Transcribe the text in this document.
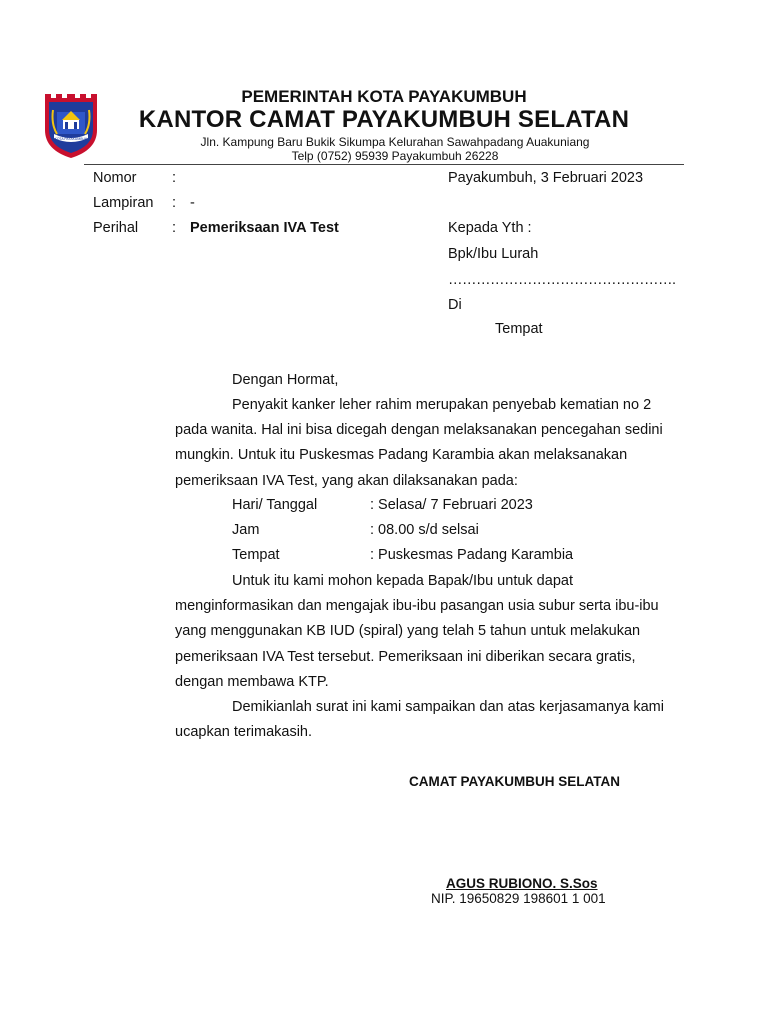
KOTA PAYAKUMBUH
PEMERINTAH KOTA PAYAKUMBUH
KANTOR CAMAT PAYAKUMBUH SELATAN
Jln. Kampung Baru Bukik Sikumpa Kelurahan Sawahpadang Auakuniang
Telp (0752) 95939 Payakumbuh 26228
Nomor :
Lampiran : -
Perihal : Pemeriksaan IVA Test
Payakumbuh, 3 Februari 2023
Kepada Yth :
Bpk/Ibu Lurah
………………………………………….
Di
Tempat
Dengan Hormat,

Penyakit kanker leher rahim merupakan penyebab kematian no 2 pada wanita. Hal ini bisa dicegah dengan melaksanakan pencegahan sedini mungkin. Untuk itu Puskesmas Padang Karambia akan melaksanakan pemeriksaan IVA Test, yang akan dilaksanakan pada:

Hari/ Tanggal	: Selasa/ 7 Februari 2023
Jam	: 08.00 s/d selsai
Tempat	: Puskesmas Padang Karambia

Untuk itu kami mohon kepada Bapak/Ibu untuk dapat menginformasikan dan mengajak ibu-ibu pasangan usia subur serta ibu-ibu yang menggunakan KB IUD (spiral) yang telah 5 tahun untuk melakukan pemeriksaan IVA Test tersebut. Pemeriksaan ini diberikan secara gratis, dengan membawa KTP.

Demikianlah surat ini kami sampaikan dan atas kerjasamanya kami ucapkan terimakasih.

CAMAT PAYAKUMBUH SELATAN
AGUS RUBIONO. S.Sos
NIP. 19650829 198601 1 001
